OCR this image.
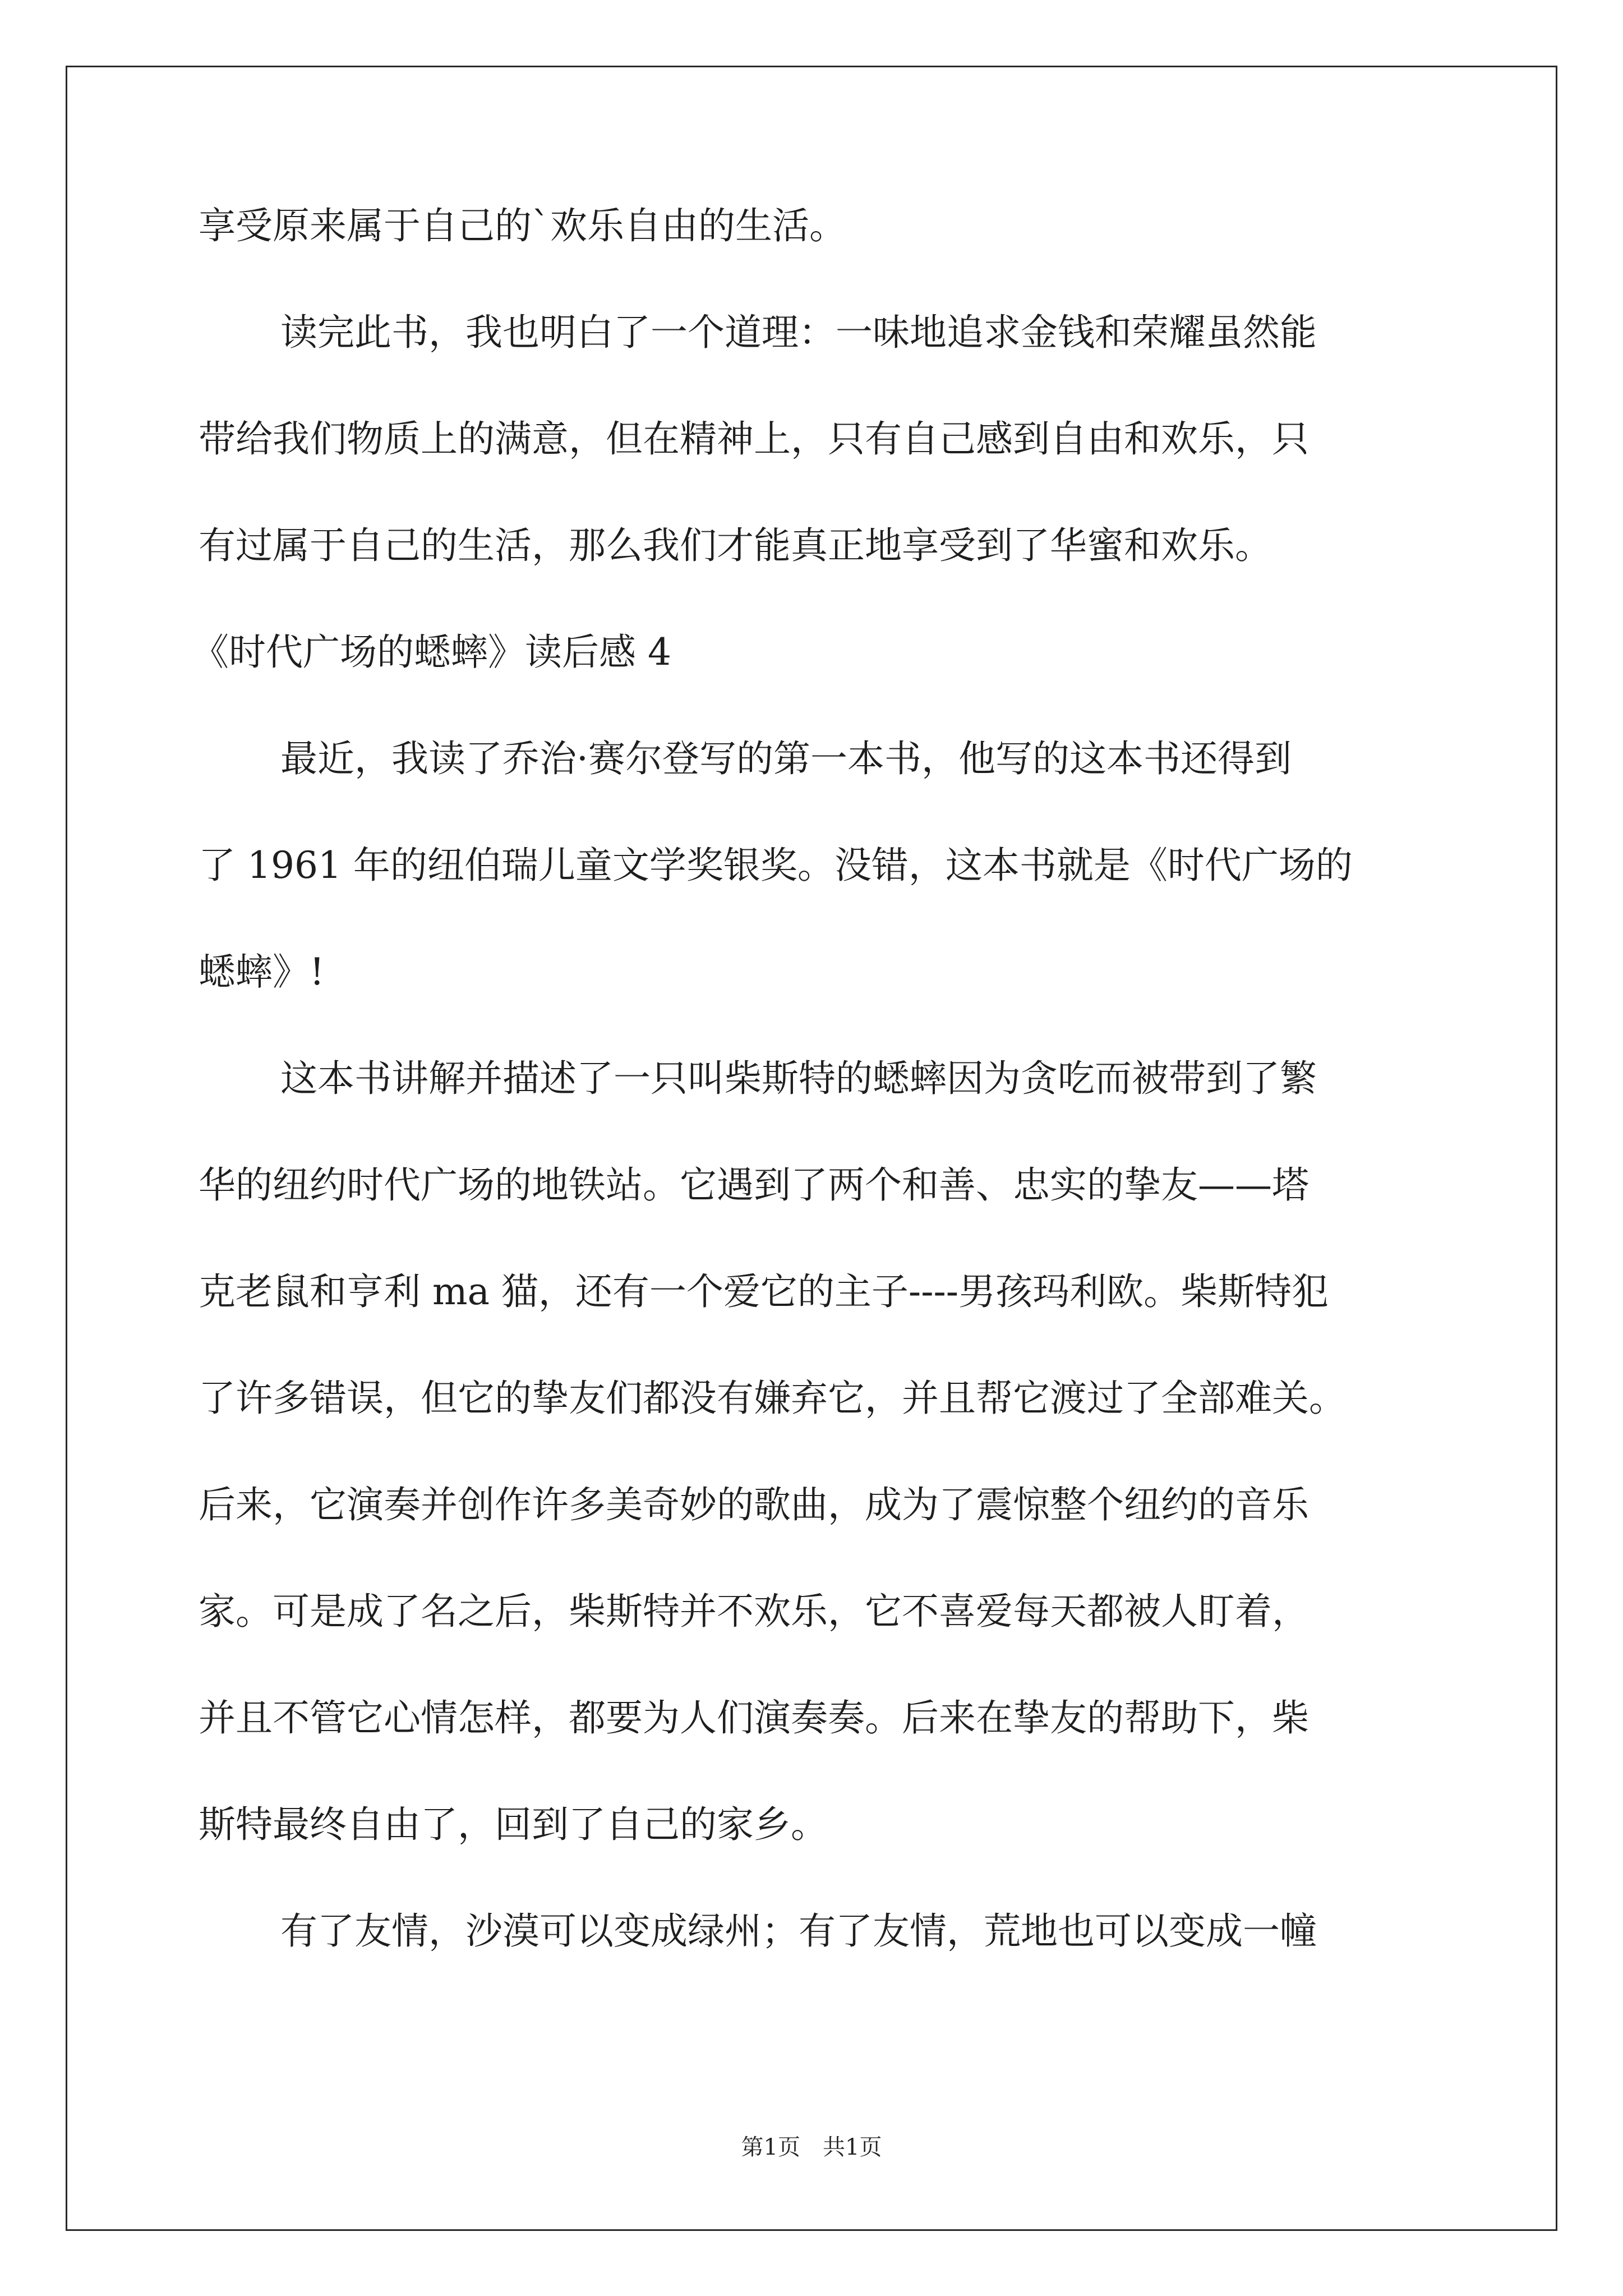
享受原来属于自己的`欢乐自由的生活。
读完此书，我也明白了一个道理：一味地追求金钱和荣耀虽然能
带给我们物质上的满意，但在精神上，只有自己感到自由和欢乐，只
有过属于自己的生活，那么我们才能真正地享受到了华蜜和欢乐。
《时代广场的蟋蟀》读后感 4
最近，我读了乔治·赛尔登写的第一本书，他写的这本书还得到
了 1961 年的纽伯瑞儿童文学奖银奖。没错，这本书就是《时代广场的
蟋蟀》!
这本书讲解并描述了一只叫柴斯特的蟋蟀因为贪吃而被带到了繁
华的纽约时代广场的地铁站。它遇到了两个和善、忠实的挚友——塔
克老鼠和亨利 ma 猫，还有一个爱它的主子----男孩玛利欧。柴斯特犯
了许多错误，但它的挚友们都没有嫌弃它，并且帮它渡过了全部难关。
后来，它演奏并创作许多美奇妙的歌曲，成为了震惊整个纽约的音乐
家。可是成了名之后，柴斯特并不欢乐，它不喜爱每天都被人盯着，
并且不管它心情怎样，都要为人们演奏奏。后来在挚友的帮助下，柴
斯特最终自由了，回到了自己的家乡。
有了友情，沙漠可以变成绿州；有了友情，荒地也可以变成一幢
第1页　共1页
